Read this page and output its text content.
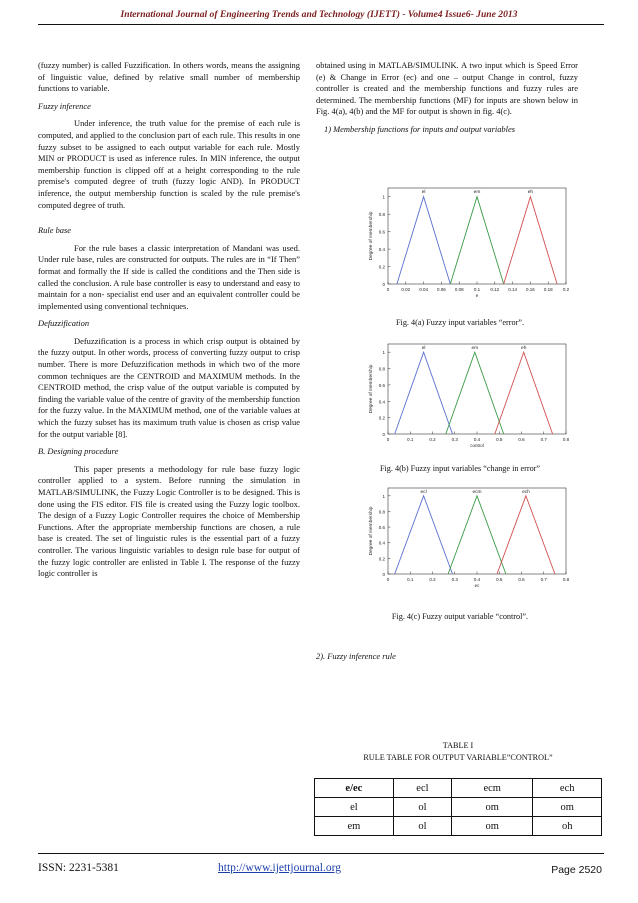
International Journal of Engineering Trends and Technology (IJETT) - Volume4 Issue6- June 2013

(fuzzy number) is called Fuzzification. In others words, means the assigning of linguistic value, defined by relative small number of membership functions to variable.

Fuzzy inference

Under inference, the truth value for the premise of each rule is computed, and applied to the conclusion part of each rule. This results in one fuzzy subset to be assigned to each output variable for each rule. Mostly MIN or PRODUCT is used as inference rules. In MIN inference, the output membership function is clipped off at a height corresponding to the rule premise's computed degree of truth (fuzzy logic AND). In PRODUCT inference, the output membership function is scaled by the rule premise's computed degree of truth.

Rule base

For the rule bases a classic interpretation of Mandani was used. Under rule base, rules are constructed for outputs. The rules are in “If Then” format and formally the If side is called the conditions and the Then side is called the conclusion. A rule base controller is easy to understand and easy to maintain for a non- specialist end user and an equivalent controller could be implemented using conventional techniques.

Defuzzification

Defuzzification is a process in which crisp output is obtained by the fuzzy output. In other words, process of converting fuzzy output to crisp number. There is more Defuzzification methods in which two of the more common techniques are the CENTROID and MAXIMUM methods. In the CENTROID method, the crisp value of the output variable is computed by finding the variable value of the centre of gravity of the membership function for the fuzzy value. In the MAXIMUM method, one of the variable values at which the fuzzy subset has its maximum truth value is chosen as crisp value for the output variable [8].

B. Designing procedure

This paper presents a methodology for rule base fuzzy logic controller applied to a system. Before running the simulation in MATLAB/SIMULINK, the Fuzzy Logic Controller is to be designed. This is done using the FIS editor. FIS file is created using the Fuzzy logic toolbox. The design of a Fuzzy Logic Controller requires the choice of Membership Functions. After the appropriate membership functions are chosen, a rule base is created. The set of linguistic rules is the essential part of a fuzzy controller. The various linguistic variables to design rule base for output of the fuzzy logic controller are enlisted in Table I. The response of the fuzzy logic controller is

obtained using in MATLAB/SIMULINK. A two input which is Speed Error (e) & Change in Error (ec) and one – output Change in control, fuzzy controller is created and the membership functions and fuzzy rules are determined. The membership functions (MF) for inputs are shown below in Fig. 4(a), 4(b) and the MF for output is shown in fig. 4(c).

1) Membership functions for inputs and output variables

0
0.2
0.4
0.6
0.8
1
0	0.02 0.04 0.06 0.08 0.1 0.12 0.14 0.16 0.18 0.2
e
Degree of membership
el	em	eh
Fig. 4(a) Fuzzy input variables “error”.
0
0.2
0.4
0.6
0.8
1
0	0.1	0.2	0.3	0.4	0.5	0.6	0.7	0.8
control
Degree of membership
el	em	eh
Fig. 4(b) Fuzzy input variables “change in error”
0
0.2
0.4
0.6
0.8
1
0	0.1	0.2	0.3	0.4	0.5	0.6	0.7	0.8
ec
Degree of membership
ecl	ecm	ech
Fig. 4(c) Fuzzy output variable “control”.
2). Fuzzy inference rule
TABLE I
RULE TABLE FOR OUTPUT VARIABLE”CONTROL”
e/ec	ecl	ecm	ech
el	ol	om	om
em	ol	om	oh
ISSN: 2231-5381	http://www.ijettjournal.org	Page 2520
